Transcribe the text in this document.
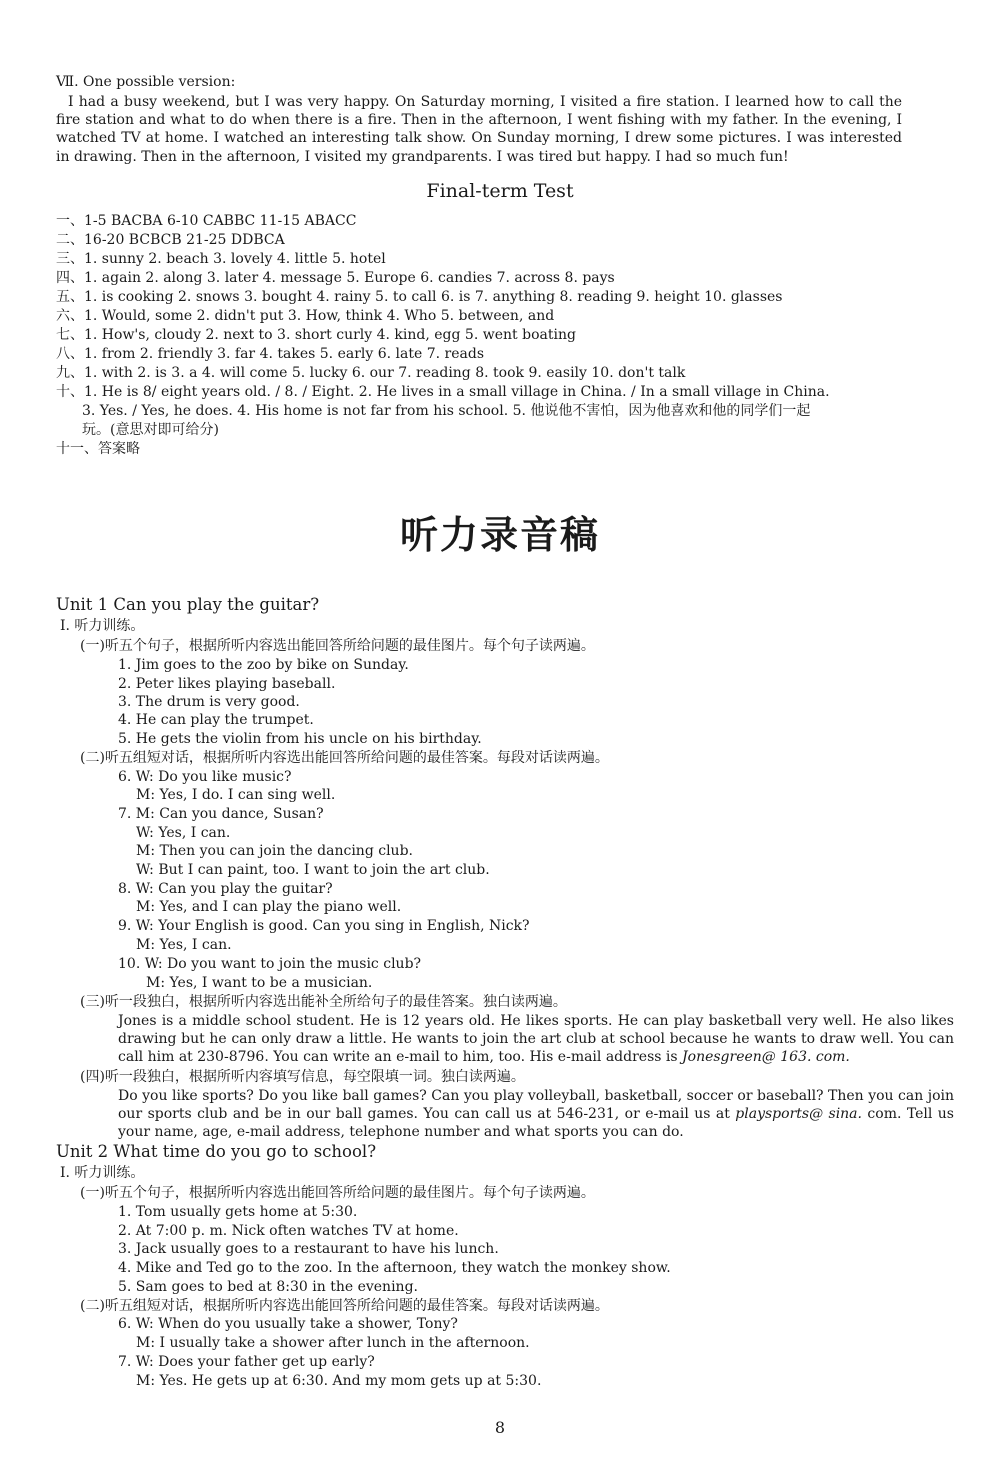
Ⅶ. One possible version:
I had a busy weekend, but I was very happy. On Saturday morning, I visited a fire station. I learned how to call the fire station and what to do when there is a fire. Then in the afternoon, I went fishing with my father. In the evening, I watched TV at home. I watched an interesting talk show. On Sunday morning, I drew some pictures. I was interested in drawing. Then in the afternoon, I visited my grandparents. I was tired but happy. I had so much fun!
Final-term Test
一、1-5 BACBA 6-10 CABBC 11-15 ABACC
二、16-20 BCBCB 21-25 DDBCA
三、1. sunny 2. beach 3. lovely 4. little 5. hotel
四、1. again 2. along 3. later 4. message 5. Europe 6. candies 7. across 8. pays
五、1. is cooking 2. snows 3. bought 4. rainy 5. to call 6. is 7. anything 8. reading 9. height 10. glasses
六、1. Would, some 2. didn't put 3. How, think 4. Who 5. between, and
七、1. How's, cloudy 2. next to 3. short curly 4. kind, egg 5. went boating
八、1. from 2. friendly 3. far 4. takes 5. early 6. late 7. reads
九、1. with 2. is 3. a 4. will come 5. lucky 6. our 7. reading 8. took 9. easily 10. don't talk
十、1. He is 8/ eight years old. / 8. / Eight. 2. He lives in a small village in China. / In a small village in China.
3. Yes. / Yes, he does. 4. His home is not far from his school. 5. 他说他不害怕，因为他喜欢和他的同学们一起
玩。(意思对即可给分)
十一、答案略
听力录音稿
Unit 1 Can you play the guitar?
Ⅰ. 听力训练。
(一)听五个句子，根据所听内容选出能回答所给问题的最佳图片。每个句子读两遍。
1. Jim goes to the zoo by bike on Sunday.
2. Peter likes playing baseball.
3. The drum is very good.
4. He can play the trumpet.
5. He gets the violin from his uncle on his birthday.
(二)听五组短对话，根据所听内容选出能回答所给问题的最佳答案。每段对话读两遍。
6. W: Do you like music?
M: Yes, I do. I can sing well.
7. M: Can you dance, Susan?
W: Yes, I can.
M: Then you can join the dancing club.
W: But I can paint, too. I want to join the art club.
8. W: Can you play the guitar?
M: Yes, and I can play the piano well.
9. W: Your English is good. Can you sing in English, Nick?
M: Yes, I can.
10. W: Do you want to join the music club?
M: Yes, I want to be a musician.
(三)听一段独白，根据所听内容选出能补全所给句子的最佳答案。独白读两遍。
Jones is a middle school student. He is 12 years old. He likes sports. He can play basketball very well. He also likes drawing but he can only draw a little. He wants to join the art club at school because he wants to draw well. You can call him at 230-8796. You can write an e-mail to him, too. His e-mail address is Jonesgreen@ 163. com.
(四)听一段独白，根据所听内容填写信息，每空限填一词。独白读两遍。
Do you like sports? Do you like ball games? Can you play volleyball, basketball, soccer or baseball? Then you can join our sports club and be in our ball games. You can call us at 546-231, or e-mail us at playsports@ sina. com. Tell us your name, age, e-mail address, telephone number and what sports you can do.
Unit 2 What time do you go to school?
Ⅰ. 听力训练。
(一)听五个句子，根据所听内容选出能回答所给问题的最佳图片。每个句子读两遍。
1. Tom usually gets home at 5:30.
2. At 7:00 p. m. Nick often watches TV at home.
3. Jack usually goes to a restaurant to have his lunch.
4. Mike and Ted go to the zoo. In the afternoon, they watch the monkey show.
5. Sam goes to bed at 8:30 in the evening.
(二)听五组短对话，根据所听内容选出能回答所给问题的最佳答案。每段对话读两遍。
6. W: When do you usually take a shower, Tony?
M: I usually take a shower after lunch in the afternoon.
7. W: Does your father get up early?
M: Yes. He gets up at 6:30. And my mom gets up at 5:30.
8
